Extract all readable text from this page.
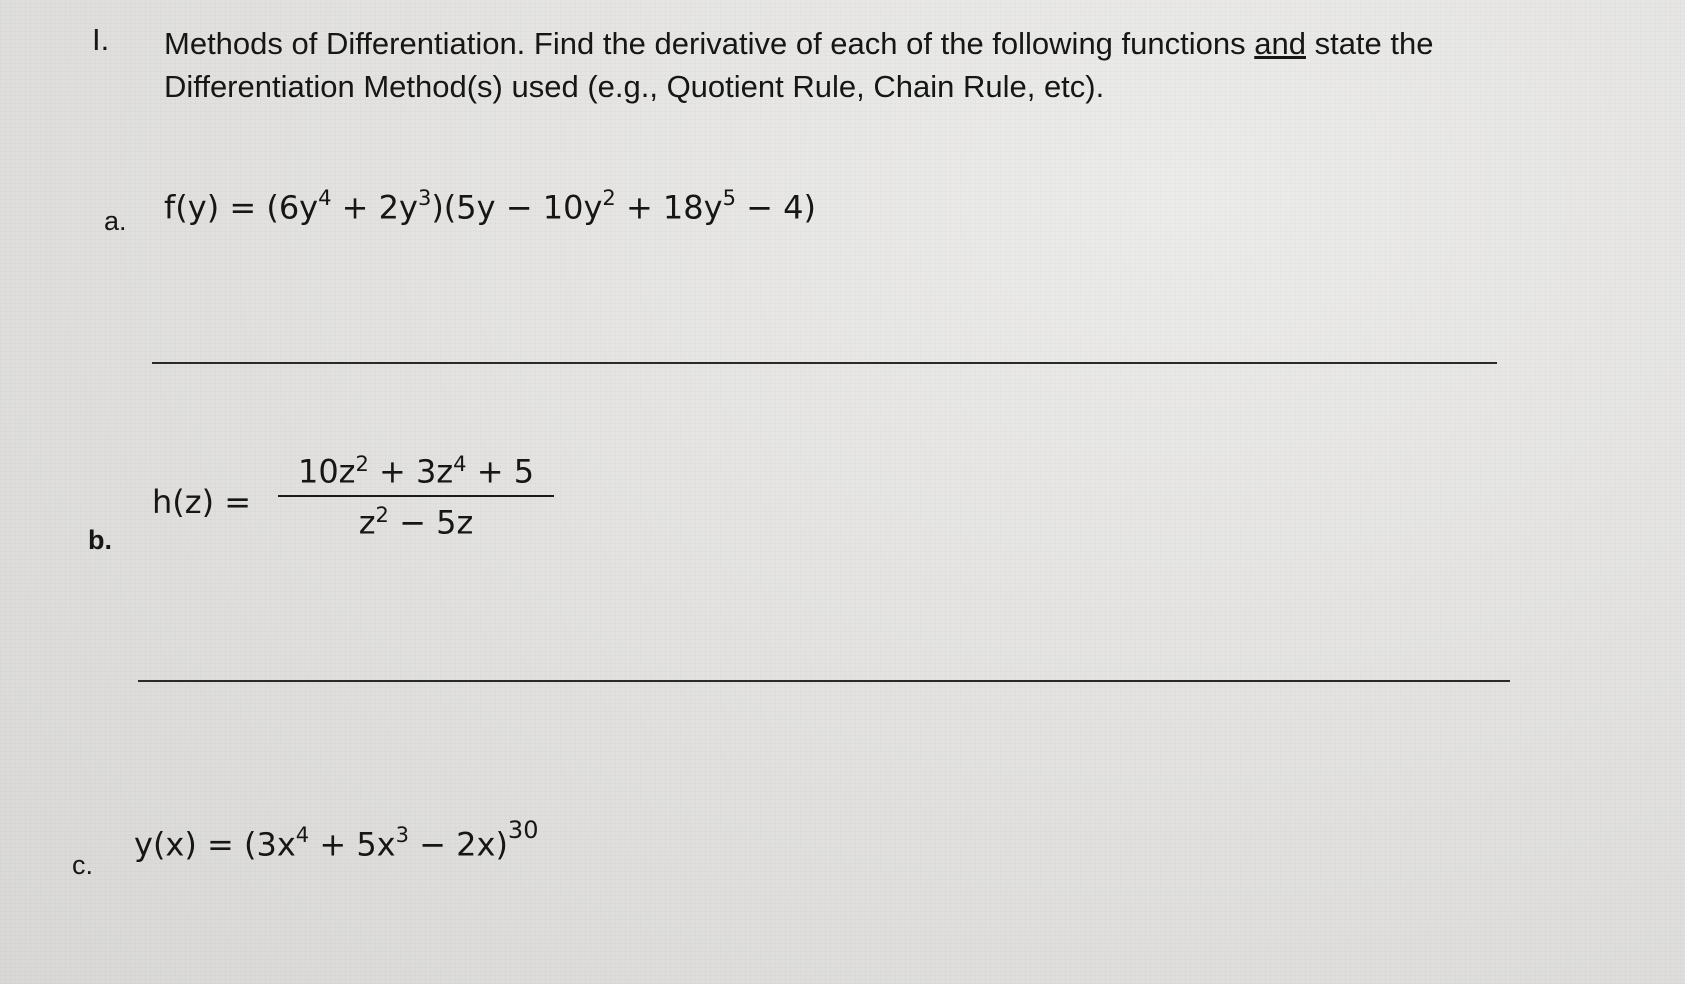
I. Methods of Differentiation. Find the derivative of each of the following functions and state the Differentiation Method(s) used (e.g., Quotient Rule, Chain Rule, etc).
a. $f(y) = (6y^4 + 2y^3)(5y - 10y^2 + 18y^5 - 4)$
b.
h(z) =
$10z^2 + 3z^4 + 5$
$z^2 - 5z$
c.
$y(x) = (3x^4 + 5x^3 - 2x)^{30}$
